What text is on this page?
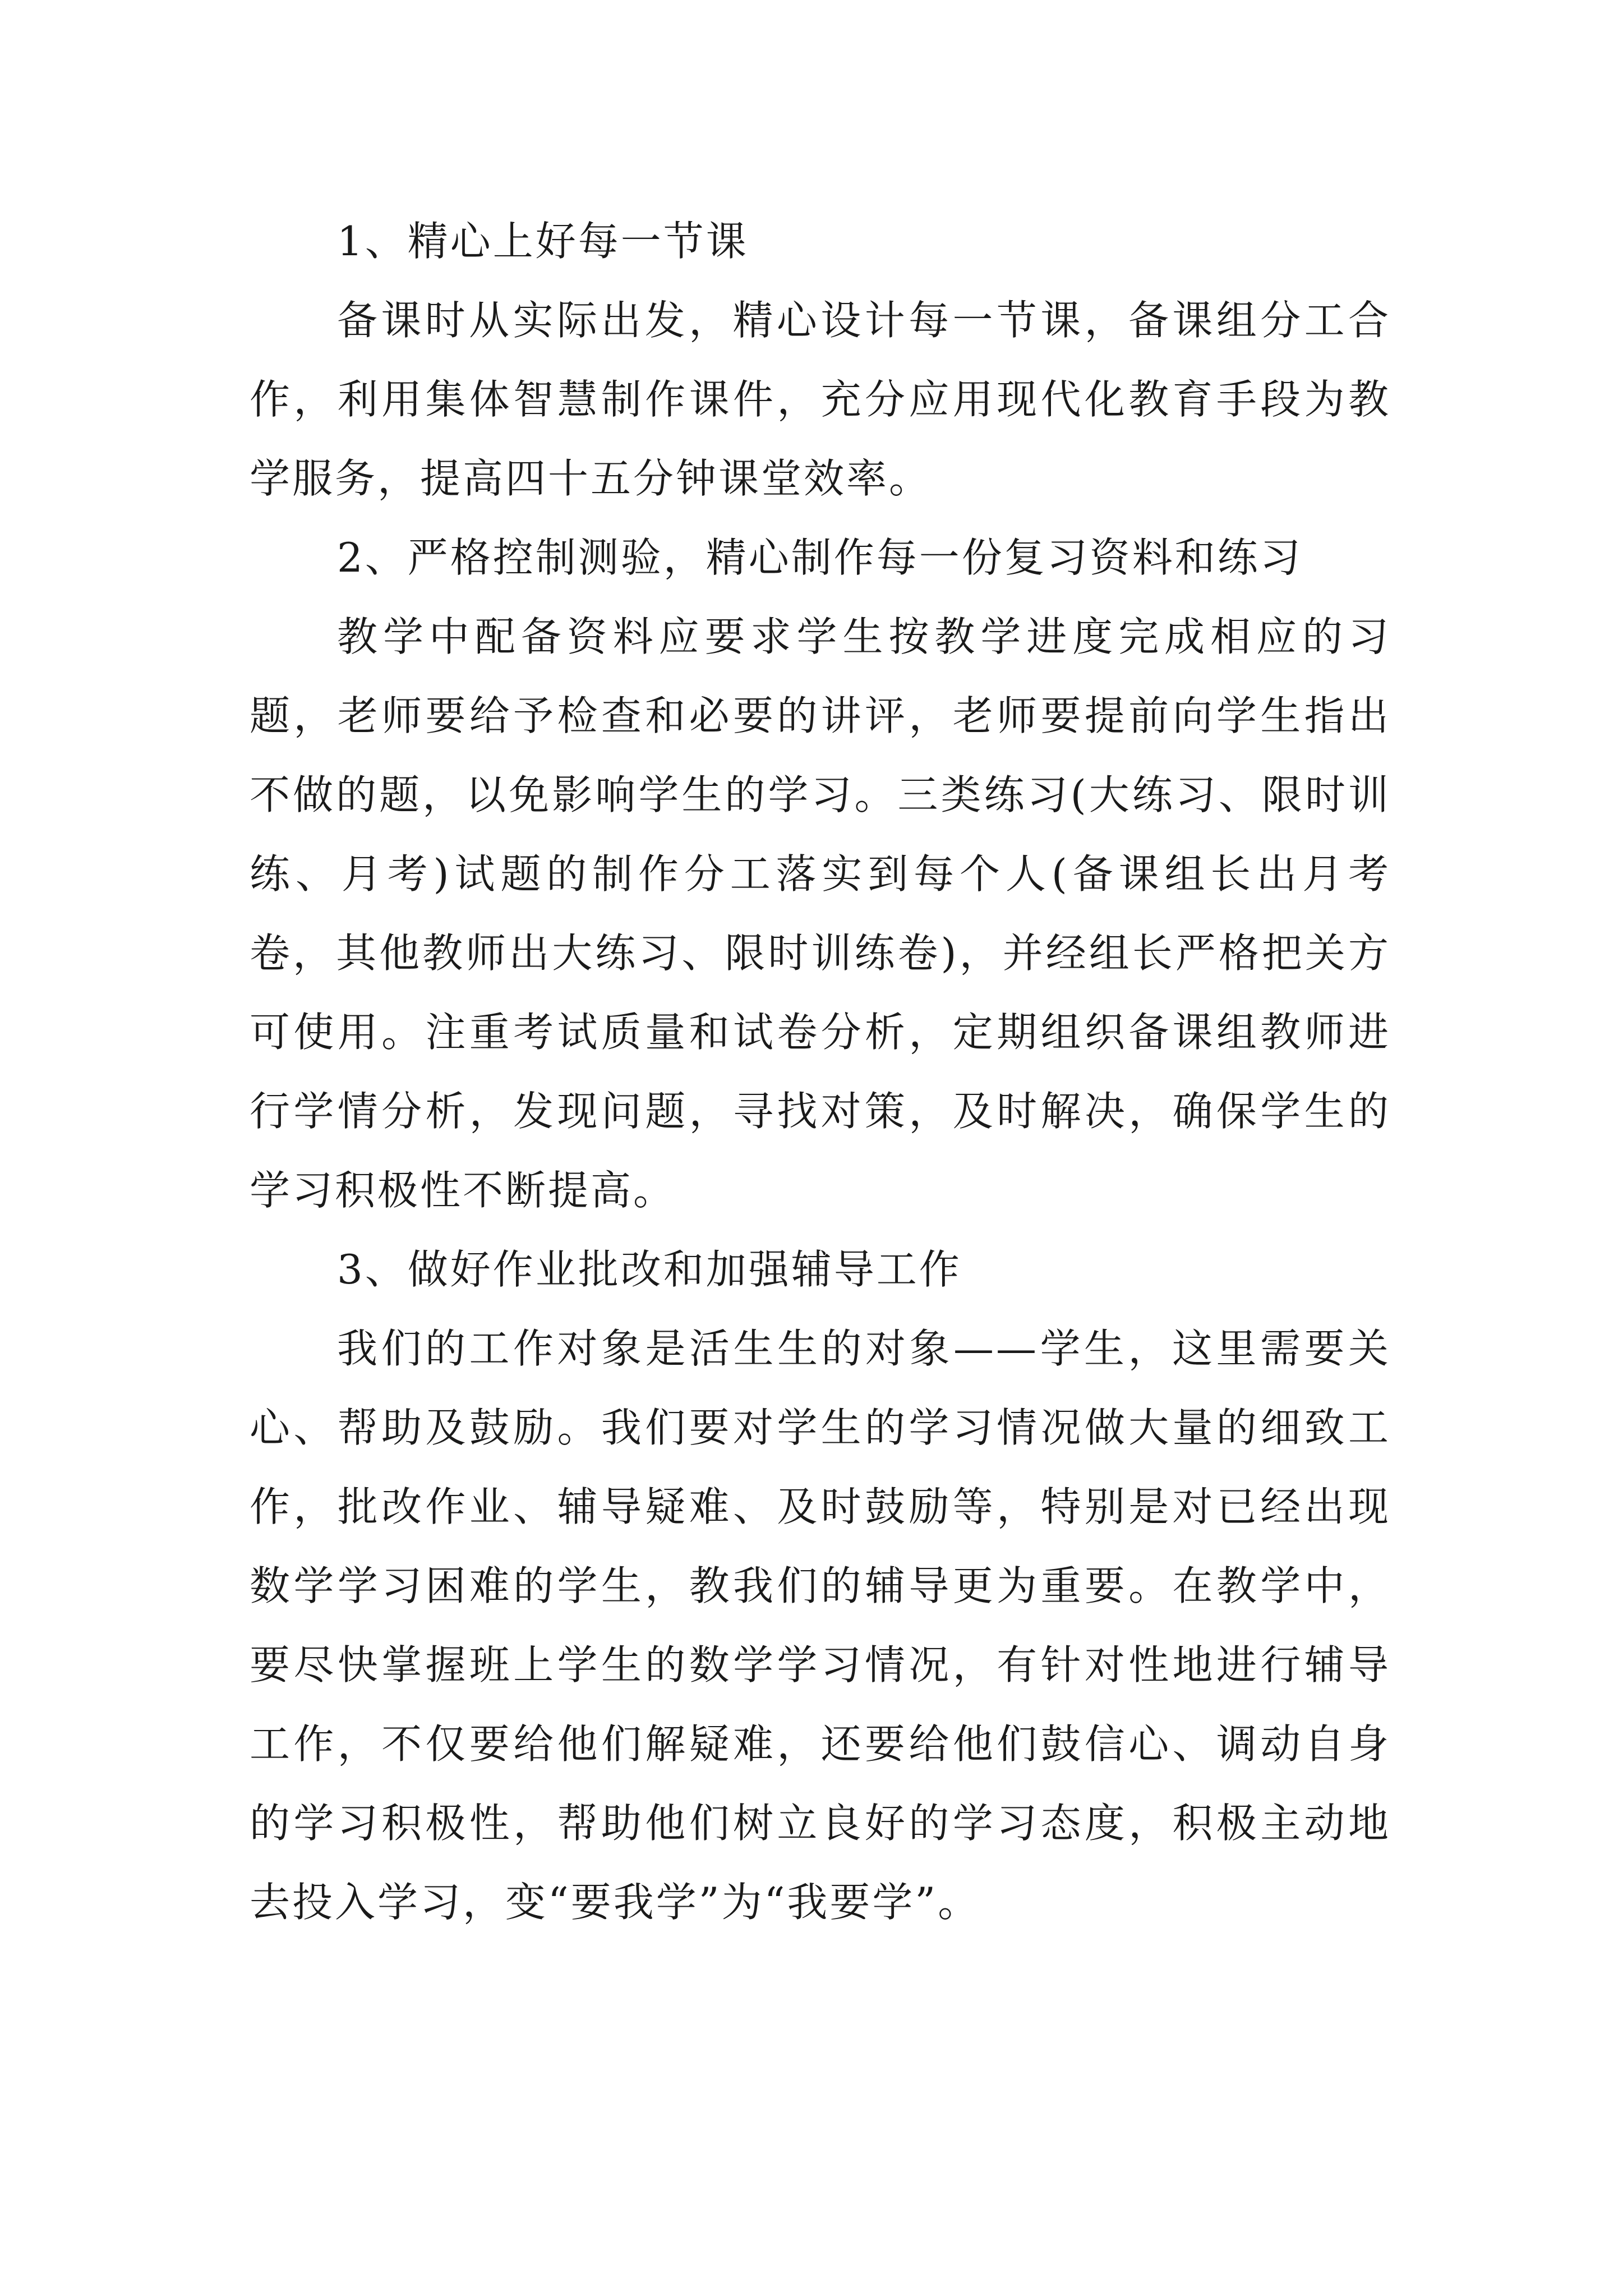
1、精心上好每一节课

备课时从实际出发，精心设计每一节课，备课组分工合作，利用集体智慧制作课件，充分应用现代化教育手段为教学服务，提高四十五分钟课堂效率。

2、严格控制测验，精心制作每一份复习资料和练习

教学中配备资料应要求学生按教学进度完成相应的习题，老师要给予检查和必要的讲评，老师要提前向学生指出不做的题，以免影响学生的学习。三类练习(大练习、限时训练、月考)试题的制作分工落实到每个人(备课组长出月考卷，其他教师出大练习、限时训练卷)，并经组长严格把关方可使用。注重考试质量和试卷分析，定期组织备课组教师进行学情分析，发现问题，寻找对策，及时解决，确保学生的学习积极性不断提高。

3、做好作业批改和加强辅导工作

我们的工作对象是活生生的对象——学生，这里需要关心、帮助及鼓励。我们要对学生的学习情况做大量的细致工作，批改作业、辅导疑难、及时鼓励等，特别是对已经出现数学学习困难的学生，教我们的辅导更为重要。在教学中，要尽快掌握班上学生的数学学习情况，有针对性地进行辅导工作，不仅要给他们解疑难，还要给他们鼓信心、调动自身的学习积极性，帮助他们树立良好的学习态度，积极主动地去投入学习，变“要我学”为“我要学”。
